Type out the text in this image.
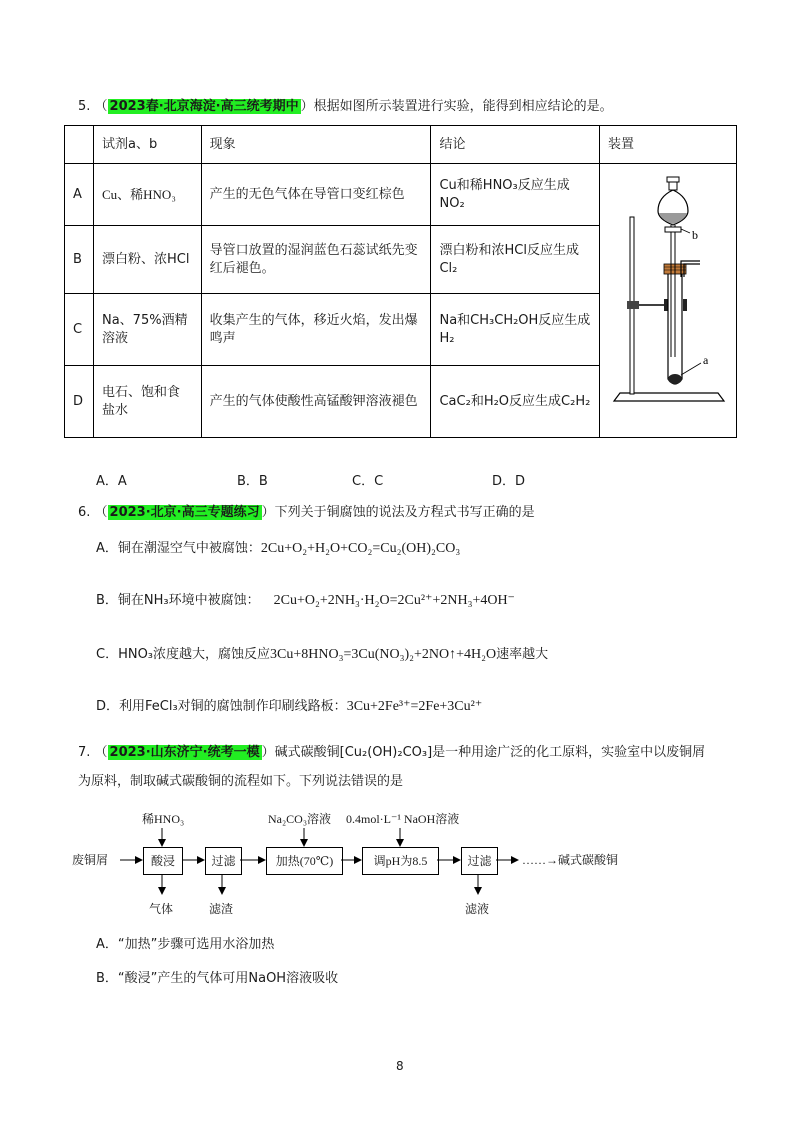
5. （ 2023春·北京海淀·高三统考期中 ）根据如图所示装置进行实验，能得到相应结论的是。
	试剂a、b	现象	结论	装置
A	Cu、稀HNO₃	产生的无色气体在导管口变红棕色	Cu和稀HNO₃反应生成NO₂	b
a

B	漂白粉、浓HCl	导管口放置的湿润蓝色石蕊试纸先变红后褪色。	漂白粉和浓HCl反应生成Cl₂	
C	Na、75%酒精溶液	收集产生的气体，移近火焰，发出爆鸣声	Na和CH₃CH₂OH反应生成H₂	
D	电石、饱和食盐水	产生的气体使酸性高锰酸钾溶液褪色	CaC₂和H₂O反应生成C₂H₂	
A．A	B．B	C．C	D．D
6. （ 2023·北京·高三专题练习 ）下列关于铜腐蚀的说法及方程式书写正确的是
A．铜在潮湿空气中被腐蚀：2Cu+O₂+H₂O+CO₂=Cu₂(OH)₂CO₃
B．铜在NH₃环境中被腐蚀： 2Cu+O₂+2NH₃·H₂O=2Cu²⁺+2NH₃+4OH⁻
C．HNO₃浓度越大，腐蚀反应3Cu+8HNO₃=3Cu(NO₃)₂+2NO↑+4H₂O速率越大
D．利用FeCl₃对铜的腐蚀制作印刷线路板：3Cu+2Fe³⁺=2Fe+3Cu²⁺
7. （ 2023·山东济宁·统考一模 ）碱式碳酸铜[Cu₂(OH)₂CO₃]是一种用途广泛的化工原料，实验室中以废铜屑
为原料，制取碱式碳酸铜的流程如下。下列说法错误的是
废铜屑	酸浸	过滤	加热(70℃)	调pH为8.5	过滤	……→碱式碳酸铜
稀HNO₃	Na₂CO₃溶液 0.4mol·L⁻¹ NaOH溶液
气体	滤渣	滤液
A．“加热”步骤可选用水浴加热
B．“酸浸”产生的气体可用NaOH溶液吸收
8
